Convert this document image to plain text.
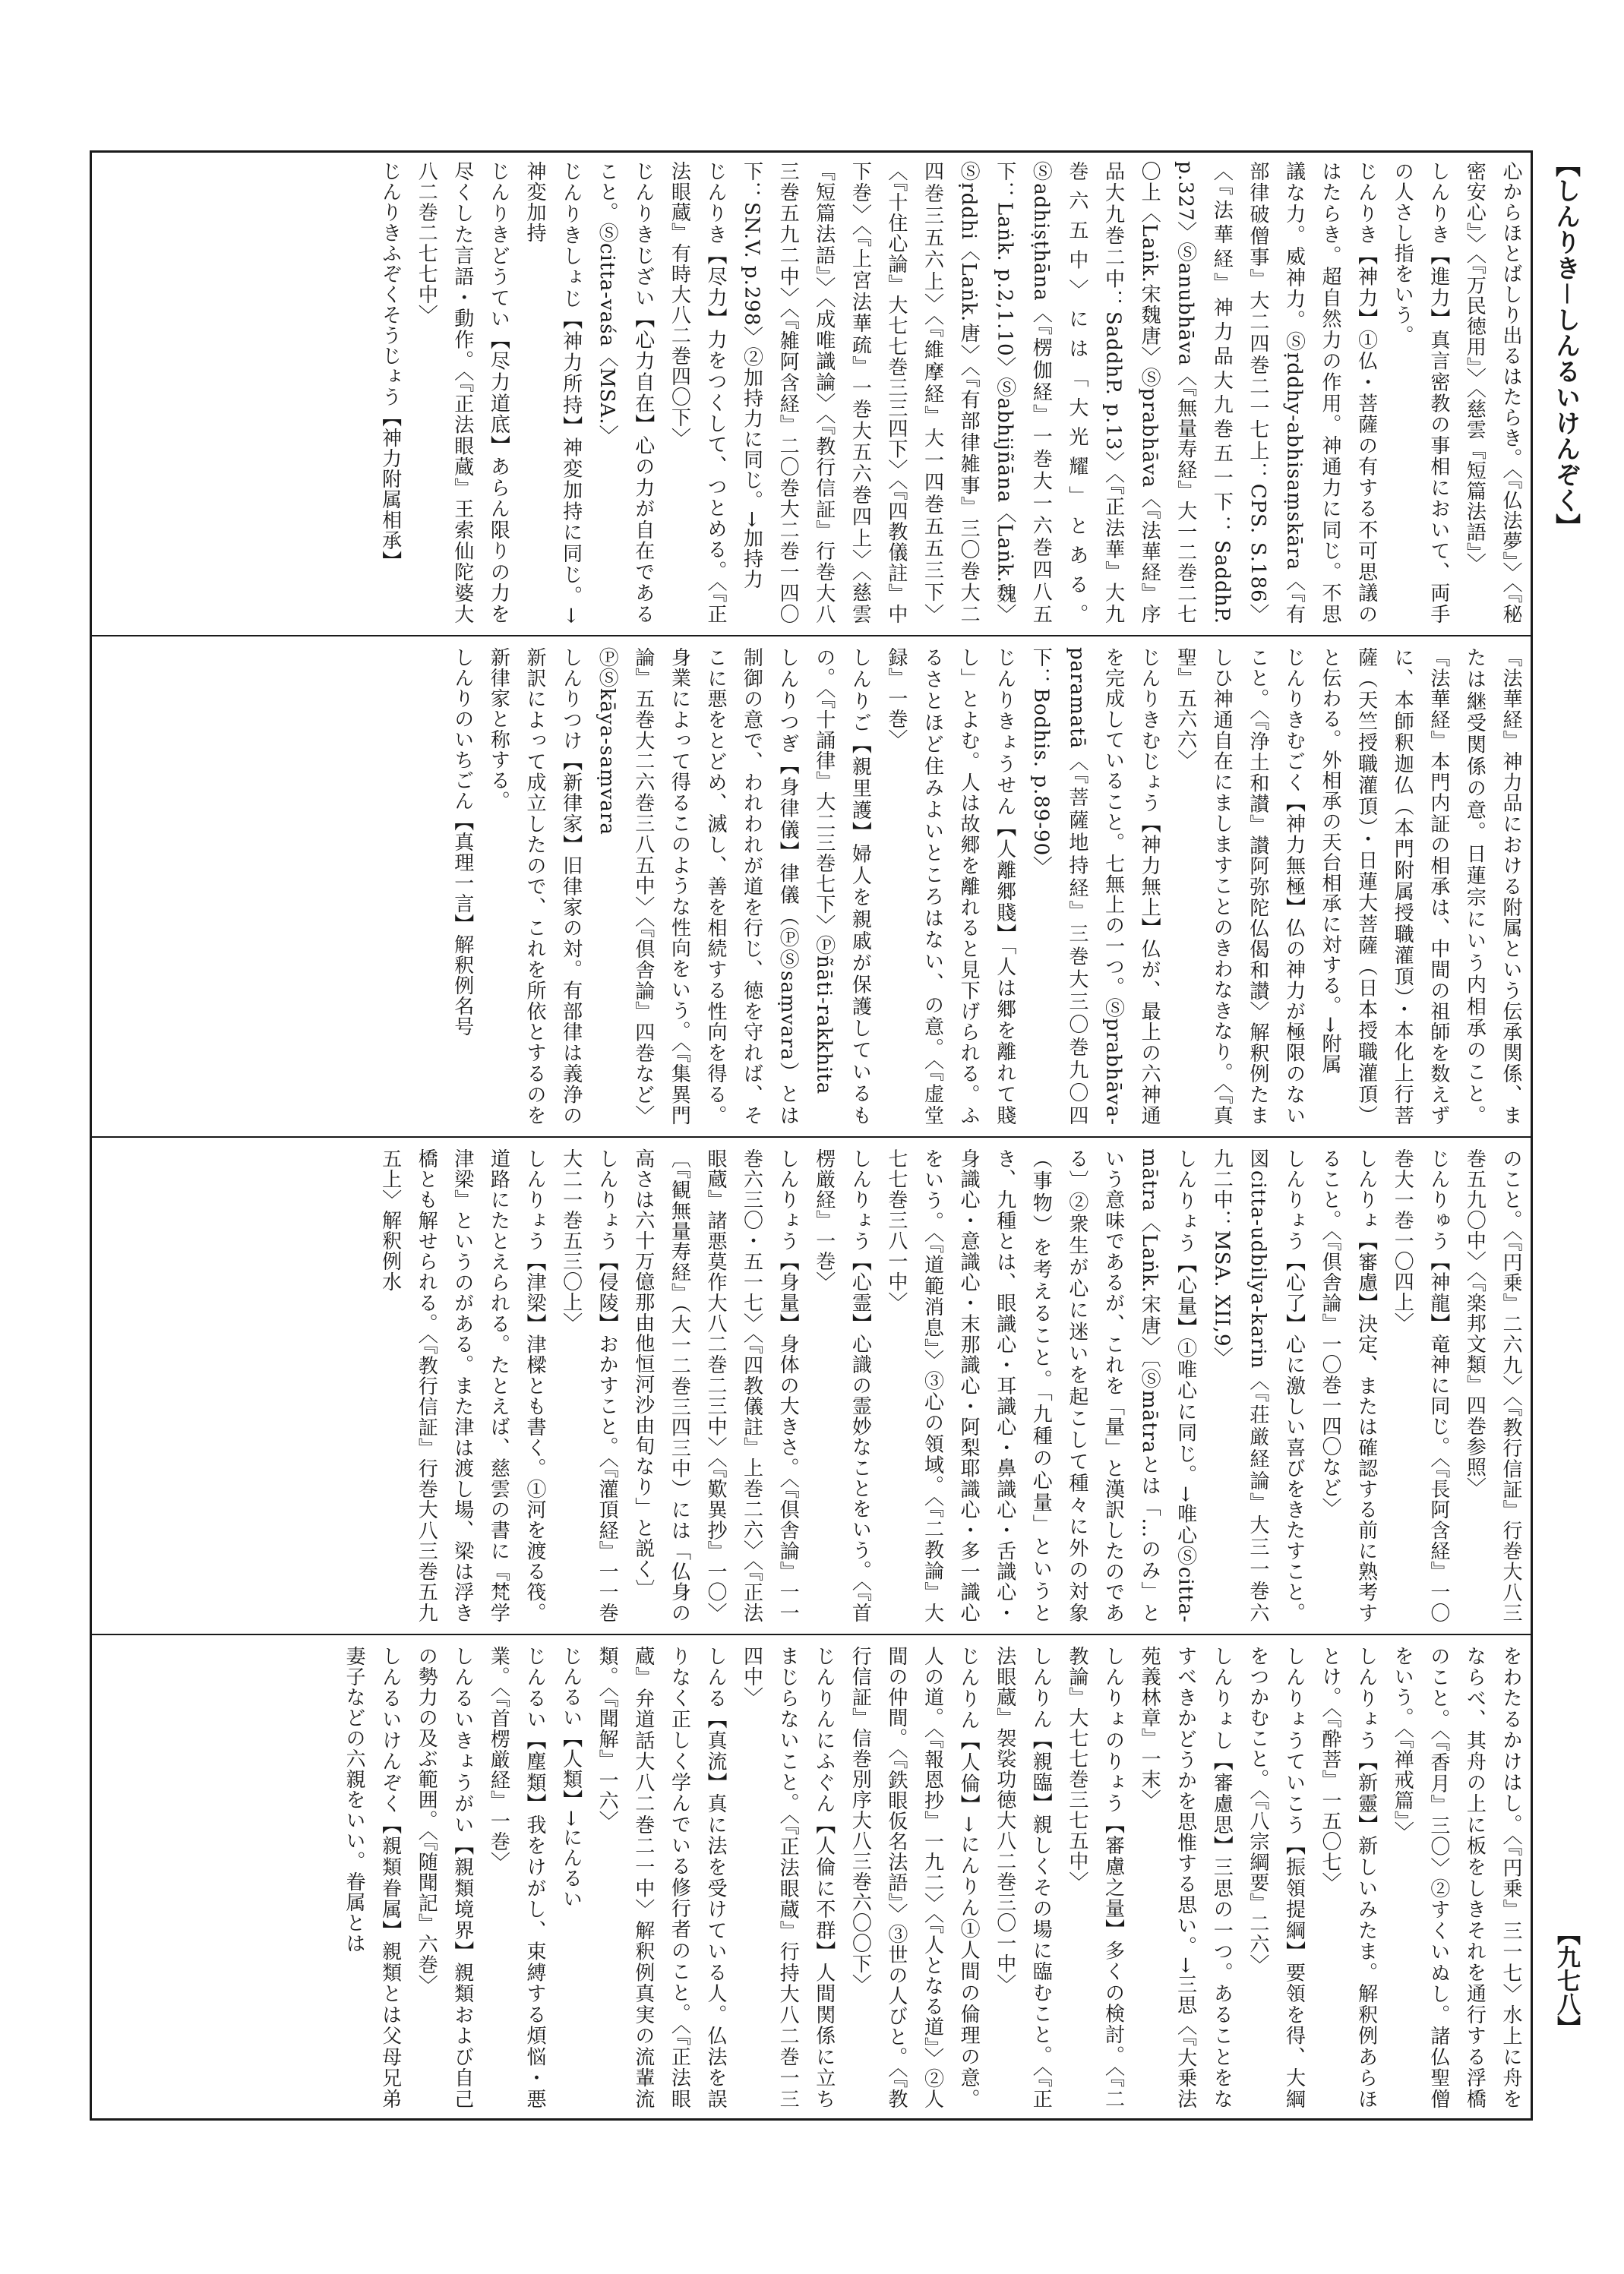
【しんりき－しんるいけんぞく】
【九七八】
心からほとばしり出るはたらき。〈『仏法夢』〉〈『秘密安心』〉〈『万民徳用』〉〈慈雲『短篇法語』〉
しんりき【進力】真言密教の事相において、両手の人さし指をいう。
じんりき【神力】①仏・菩薩の有する不可思議のはたらき。超自然力の作用。神通力に同じ。不思議な力。威神力。Ⓢṛddhy-abhisaṃskāra〈『有部律破僧事』大二四巻二一七上：CPS. S.186〉〈『法華経』神力品大九巻五一下：SaddhP. p.327〉Ⓢanubhāva〈『無量寿経』大一二巻二七〇上〈Laṅk.宋魏唐〉Ⓢprabhāva〈『法華経』序品大九巻二中：SaddhP. p.13〉〈『正法華』大九巻六五中〉には「大光耀」とある。Ⓢadhiṣṭhāna〈『楞伽経』一巻大一六巻四八五下：Laṅk. p.2,1.10〉Ⓢabhijñāna〈Laṅk.魏〉Ⓢṛddhi〈Laṅk.唐〉〈『有部律雑事』三〇巻大二四巻三五六上〉〈『維摩経』大一四巻五五三下〉〈『十住心論』大七七巻三三四下〉〈『四教儀註』中下巻〉〈『上宮法華疏』一巻大五六巻四上〉〈慈雲『短篇法語』〉〈成唯識論〉〈『教行信証』行巻大八三巻五九二中〉〈『雑阿含経』二〇巻大二巻一四〇下：SN.V. p.298〉②加持力に同じ。→加持力
じんりき【尽力】力をつくして、つとめる。〈『正法眼蔵』有時大八二巻四〇下〉
じんりきじざい【心力自在】心の力が自在であること。Ⓢcitta-vaśa〈MSA.〉
じんりきしょじ【神力所持】神変加持に同じ。→神変加持
じんりきどうてい【尽力道底】あらん限りの力を尽くした言語・動作。〈『正法眼蔵』王索仙陀婆大八二巻二七七中〉
じんりきふぞくそうじょう【神力附属相承】
『法華経』神力品における附属という伝承関係、または継受関係の意。日蓮宗にいう内相承のこと。『法華経』本門内証の相承は、中間の祖師を数えずに、本師釈迦仏（本門附属授職灌頂）・本化上行菩薩（天竺授職灌頂）・日蓮大菩薩（日本授職灌頂）と伝わる。外相承の天台相承に対する。→附属
じんりきむごく【神力無極】仏の神力が極限のないこと。〈『浄土和讃』讃阿弥陀仏偈和讃〉解釈例たましひ神通自在にましますことのきわなきなり。〈『真聖』五六六〉
じんりきむじょう【神力無上】仏が、最上の六神通を完成していること。七無上の一つ。Ⓢprabhāva-paramatā〈『菩薩地持経』三巻大三〇巻九〇四下：Bodhis. p.89-90〉
じんりきょうせん【人離郷賤】「人は郷を離れて賤し」とよむ。人は故郷を離れると見下げられる。ふるさとほど住みよいところはない、の意。〈『虚堂録』一巻〉
しんりご【親里護】婦人を親戚が保護しているもの。〈『十誦律』大二三巻七下〉Ⓟñāti-rakkhita
しんりつぎ【身律儀】律儀（ⓅⓈsaṃvara）とは制御の意で、われわれが道を行じ、徳を守れば、そこに悪をとどめ、滅し、善を相続する性向を得る。身業によって得るこのような性向をいう。〈『集異門論』五巻大二六巻三八五中〉〈『倶舎論』四巻など〉ⓅⓈkāya-saṃvara
しんりつけ【新律家】旧律家の対。有部律は義浄の新訳によって成立したので、これを所依とするのを新律家と称する。
しんりのいちごん【真理一言】解釈例名号
のこと。〈『円乗』二六九〉〈『教行信証』行巻大八三巻五九〇中〉〈『楽邦文類』四巻参照〉
じんりゅう【神龍】竜神に同じ。〈『長阿含経』一〇巻大一巻一〇四上〉
しんりょ【審慮】決定、または確認する前に熟考すること。〈『倶舎論』一〇巻一四〇など〉
しんりょう【心了】心に激しい喜びをきたすこと。図citta-udbilya-karin〈『荘厳経論』大三一巻六九二中：MSA. XII,9〉
しんりょう【心量】①唯心に同じ。→唯心Ⓢcitta-mātra〈Laṅk.宋唐〉〔Ⓢmātraとは「…のみ」という意味であるが、これを「量」と漢訳したのである〕②衆生が心に迷いを起こして種々に外の対象（事物）を考えること。「九種の心量」というとき、九種とは、眼識心・耳識心・鼻識心・舌識心・身識心・意識心・末那識心・阿梨耶識心・多一識心をいう。〈『道範消息』〉③心の領域。〈『二教論』大七七巻三八一中〉
しんりょう【心霊】心識の霊妙なことをいう。〈『首楞厳経』一巻〉
しんりょう【身量】身体の大きさ。〈『倶舎論』一一巻六三〇・五一七〉〈『四教儀註』上巻二六〉〈『正法眼蔵』諸悪莫作大八二巻二三中〉〈『歎異抄』一〇〉〔『観無量寿経』（大一二巻三四三中）には「仏身の高さは六十万億那由他恒河沙由旬なり」と説く〕
しんりょう【侵陵】おかすこと。〈『灌頂経』一一巻大二一巻五三〇上〉
しんりょう【津梁】津樑とも書く。①河を渡る筏。道路にたとえられる。たとえば、慈雲の書に『梵学津梁』というのがある。また津は渡し場、梁は浮き橋とも解せられる。〈『教行信証』行巻大八三巻五九五上〉解釈例水
をわたるかけはし。〈『円乗』三一七〉水上に舟をならべ、其舟の上に板をしきそれを通行する浮橋のこと。〈『香月』三〇〉②すくいぬし。諸仏聖僧をいう。〈『禅戒篇』〉
しんりょう【新靈】新しいみたま。解釈例あらほとけ。〈『酔菩』一五〇七〉
しんりょうていこう【振領提綱】要領を得、大綱をつかむこと。〈『八宗綱要』二六〉
しんりょし【審慮思】三思の一つ。あることをなすべきかどうかを思惟する思い。→三思〈『大乗法苑義林章』一末〉
しんりょのりょう【審慮之量】多くの検討。〈『二教論』大七七巻三七五中〉
しんりん【親臨】親しくその場に臨むこと。〈『正法眼蔵』袈裟功徳大八二巻三〇一中〉
じんりん【人倫】→にんりん①人間の倫理の意。人の道。〈『報恩抄』一九二〉〈『人となる道』〉②人間の仲間。〈『鉄眼仮名法語』〉③世の人びと。〈『教行信証』信巻別序大八三巻六〇〇下〉
じんりんにふぐん【人倫に不群】人間関係に立ちまじらないこと。〈『正法眼蔵』行持大八二巻一三四中〉
しんる【真流】真に法を受けている人。仏法を誤りなく正しく学んでいる修行者のこと。〈『正法眼蔵』弁道話大八二巻二一中〉解釈例真実の流輩流類。〈『聞解』一六〉
じんるい【人類】→にんるい
じんるい【塵類】我をけがし、束縛する煩悩・悪業。〈『首楞厳経』一巻〉
しんるいきょうがい【親類境界】親類および自己の勢力の及ぶ範囲。〈『随聞記』六巻〉
しんるいけんぞく【親類眷属】親類とは父母兄弟妻子などの六親をいい。眷属とは
